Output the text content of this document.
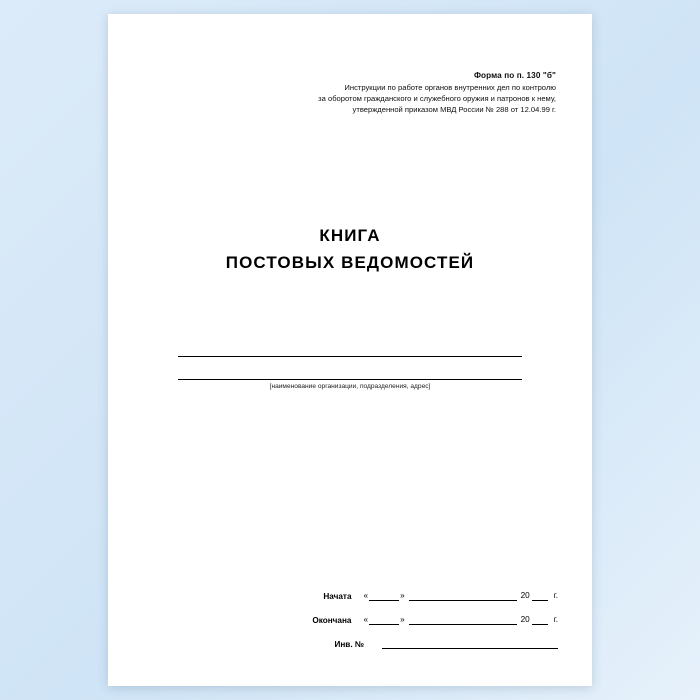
Форма по п. 130 "б"
Инструкции по работе органов внутренних дел по контролю
за оборотом гражданского и служебного оружия и патронов к нему,
утвержденной приказом МВД России № 288 от 12.04.99 г.
КНИГА
ПОСТОВЫХ ВЕДОМОСТЕЙ
[наименование организации, подразделения, адрес]
Начата	«	»	20	г.
Окончана	«	»	20	г.
Инв. №
